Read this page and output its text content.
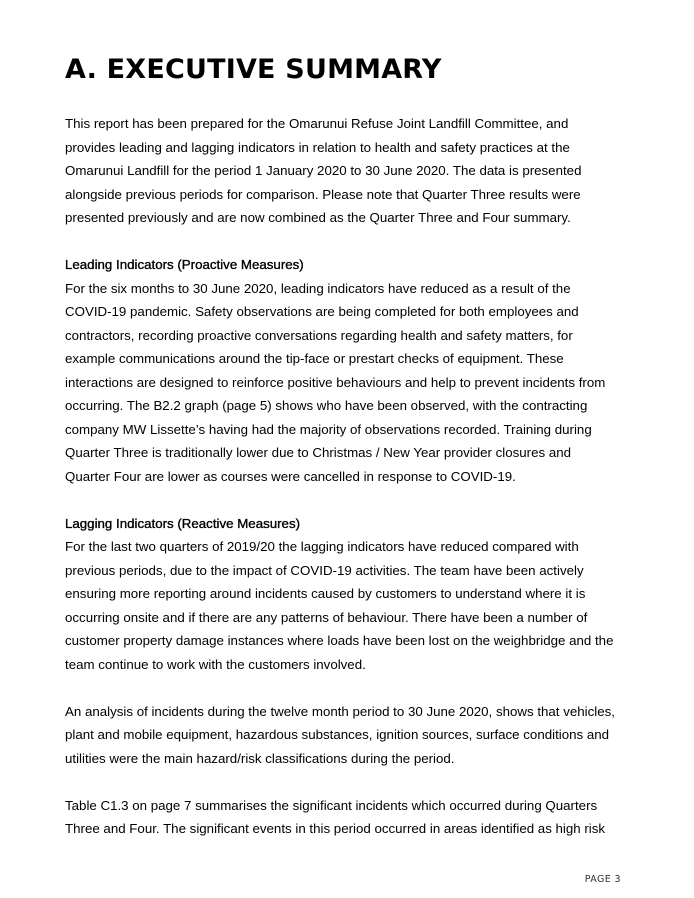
A. EXECUTIVE SUMMARY

This report has been prepared for the Omarunui Refuse Joint Landfill Committee, and
provides leading and lagging indicators in relation to health and safety practices at the
Omarunui Landfill for the period 1 January 2020 to 30 June 2020. The data is presented
alongside previous periods for comparison. Please note that Quarter Three results were
presented previously and are now combined as the Quarter Three and Four summary.

Leading Indicators (Proactive Measures)

For the six months to 30 June 2020, leading indicators have reduced as a result of the
COVID-19 pandemic. Safety observations are being completed for both employees and
contractors, recording proactive conversations regarding health and safety matters, for
example communications around the tip-face or prestart checks of equipment. These
interactions are designed to reinforce positive behaviours and help to prevent incidents from
occurring. The B2.2 graph (page 5) shows who have been observed, with the contracting
company MW Lissette’s having had the majority of observations recorded. Training during
Quarter Three is traditionally lower due to Christmas / New Year provider closures and
Quarter Four are lower as courses were cancelled in response to COVID-19.

Lagging Indicators (Reactive Measures)

For the last two quarters of 2019/20 the lagging indicators have reduced compared with
previous periods, due to the impact of COVID-19 activities. The team have been actively
ensuring more reporting around incidents caused by customers to understand where it is
occurring onsite and if there are any patterns of behaviour. There have been a number of
customer property damage instances where loads have been lost on the weighbridge and the
team continue to work with the customers involved.

An analysis of incidents during the twelve month period to 30 June 2020, shows that vehicles,
plant and mobile equipment, hazardous substances, ignition sources, surface conditions and
utilities were the main hazard/risk classifications during the period.

Table C1.3 on page 7 summarises the significant incidents which occurred during Quarters
Three and Four. The significant events in this period occurred in areas identified as high risk

PAGE 3
